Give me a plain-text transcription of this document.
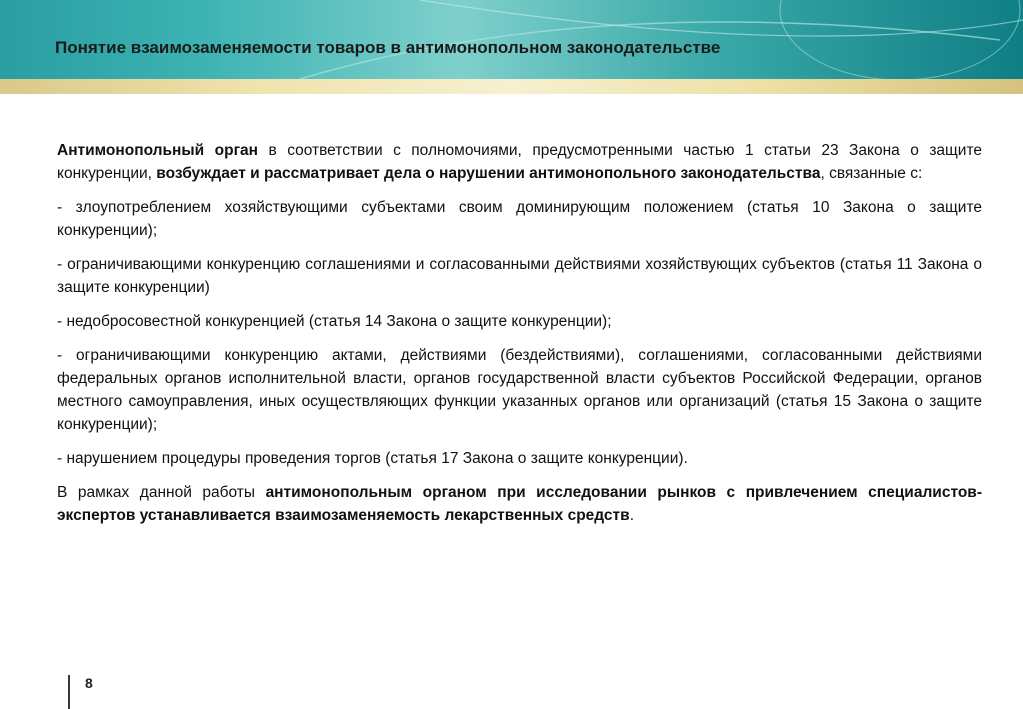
Понятие взаимозаменяемости товаров в антимонопольном законодательстве

Антимонопольный орган в соответствии с полномочиями, предусмотренными частью 1 статьи 23 Закона о защите конкуренции, возбуждает и рассматривает дела о нарушении антимонопольного законодательства, связанные с:

- злоупотреблением хозяйствующими субъектами своим доминирующим положением (статья 10 Закона о защите конкуренции);

- ограничивающими конкуренцию соглашениями и согласованными действиями хозяйствующих субъектов (статья 11 Закона о защите конкуренции)

- недобросовестной конкуренцией (статья 14 Закона о защите конкуренции);

- ограничивающими конкуренцию актами, действиями (бездействиями), соглашениями, согласованными действиями федеральных органов исполнительной власти, органов государственной власти субъектов Российской Федерации, органов местного самоуправления, иных осуществляющих функции указанных органов или организаций (статья 15 Закона о защите конкуренции);

- нарушением процедуры проведения торгов (статья 17 Закона о защите конкуренции).

В рамках данной работы антимонопольным органом при исследовании рынков с привлечением специалистов-экспертов устанавливается взаимозаменяемость лекарственных средств.

8
